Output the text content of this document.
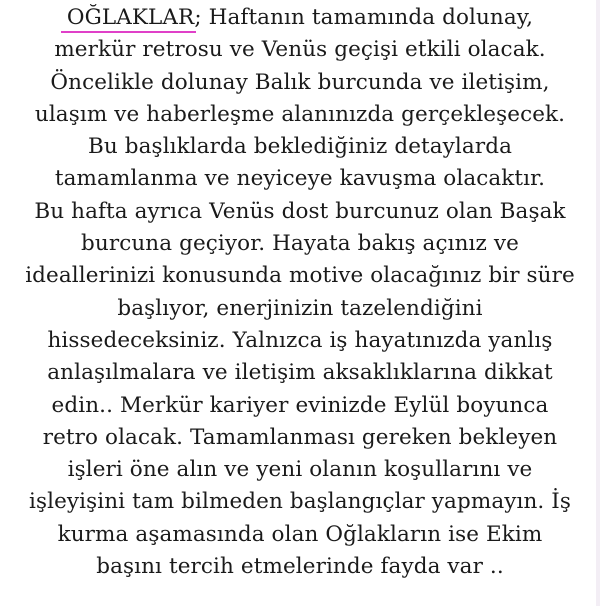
OĞLAKLAR
; Haftanın tamamında dolunay,
merkür retrosu ve Venüs geçişi etkili olacak.
Öncelikle dolunay Balık burcunda ve iletişim,
ulaşım ve haberleşme alanınızda gerçekleşecek.
Bu başlıklarda beklediğiniz detaylarda
tamamlanma ve neyiceye kavuşma olacaktır.
Bu hafta ayrıca Venüs dost burcunuz olan Başak
burcuna geçiyor. Hayata bakış açınız ve
ideallerinizi konusunda motive olacağınız bir süre
başlıyor, enerjinizin tazelendiğini
hissedeceksiniz. Yalnızca iş hayatınızda yanlış
anlaşılmalara ve iletişim aksaklıklarına dikkat
edin.. Merkür kariyer evinizde Eylül boyunca
retro olacak. Tamamlanması gereken bekleyen
işleri öne alın ve yeni olanın koşullarını ve
işleyişini tam bilmeden başlangıçlar yapmayın. İş
kurma aşamasında olan Oğlakların ise Ekim
başını tercih etmelerinde fayda var ..
